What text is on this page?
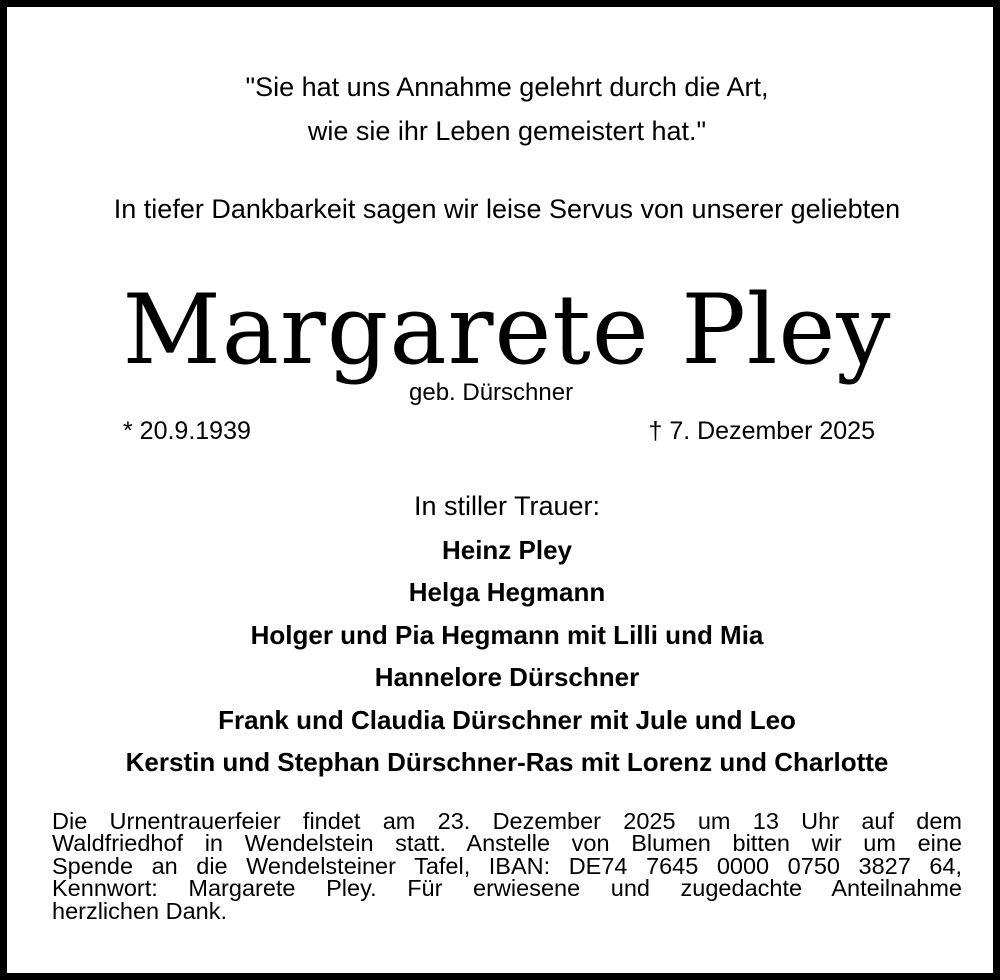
"Sie hat uns Annahme gelehrt durch die Art,
wie sie ihr Leben gemeistert hat."
In tiefer Dankbarkeit sagen wir leise Servus von unserer geliebten
Margarete Pley
geb. Dürschner
* 20.9.1939	† 7. Dezember 2025
In stiller Trauer:
Heinz Pley
Helga Hegmann
Holger und Pia Hegmann mit Lilli und Mia
Hannelore Dürschner
Frank und Claudia Dürschner mit Jule und Leo
Kerstin und Stephan Dürschner-Ras mit Lorenz und Charlotte
Die Urnentrauerfeier findet am 23. Dezember 2025 um 13 Uhr auf dem
Waldfriedhof in Wendelstein statt. Anstelle von Blumen bitten wir um eine
Spende an die Wendelsteiner Tafel, IBAN: DE74 7645 0000 0750 3827 64,
Kennwort: Margarete Pley. Für erwiesene und zugedachte Anteilnahme
herzlichen Dank.
